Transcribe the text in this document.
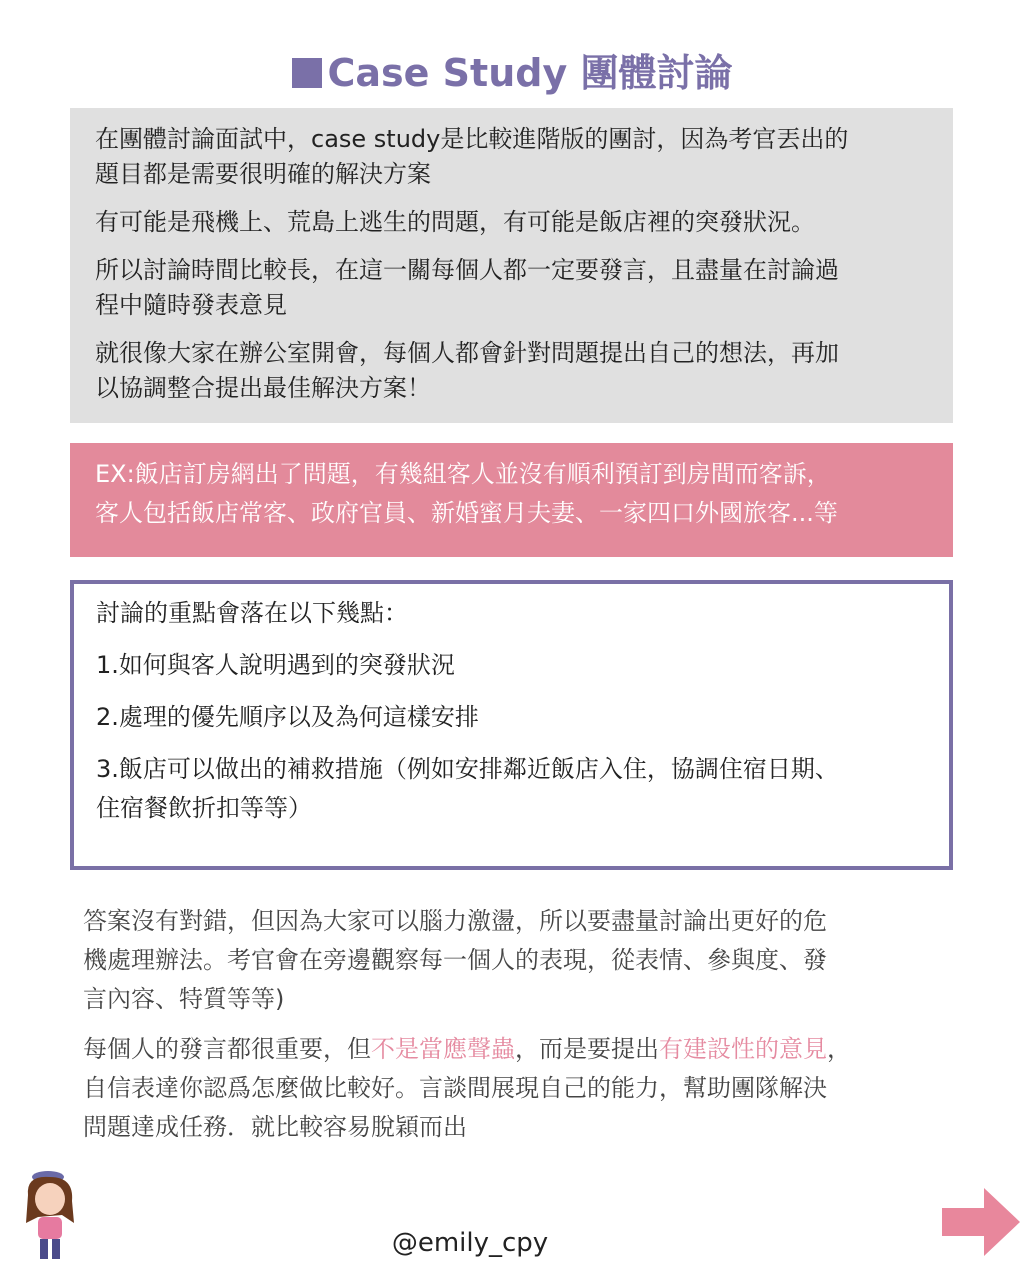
Case Study 團體討論

在團體討論面試中，case study是比較進階版的團討，因為考官丟出的
題目都是需要很明確的解決方案

有可能是飛機上、荒島上逃生的問題，有可能是飯店裡的突發狀況。

所以討論時間比較長，在這一關每個人都一定要發言，且盡量在討論過
程中隨時發表意見

就很像大家在辦公室開會，每個人都會針對問題提出自己的想法，再加
以協調整合提出最佳解決方案！

EX:飯店訂房網出了問題，有幾組客人並沒有順利預訂到房間而客訴，
客人包括飯店常客、政府官員、新婚蜜月夫妻、一家四口外國旅客...等

討論的重點會落在以下幾點：

1.如何與客人說明遇到的突發狀況

2.處理的優先順序以及為何這樣安排

3.飯店可以做出的補救措施（例如安排鄰近飯店入住，協調住宿日期、
住宿餐飲折扣等等）

答案沒有對錯，但因為大家可以腦力激盪，所以要盡量討論出更好的危
機處理辦法。考官會在旁邊觀察每一個人的表現，從表情、參與度、發
言內容、特質等等)

每個人的發言都很重要，但不是當應聲蟲，而是要提出有建設性的意見，
自信表達你認爲怎麼做比較好。言談間展現自己的能力，幫助團隊解決
問題達成任務．就比較容易脫穎而出

@emily_cpy
